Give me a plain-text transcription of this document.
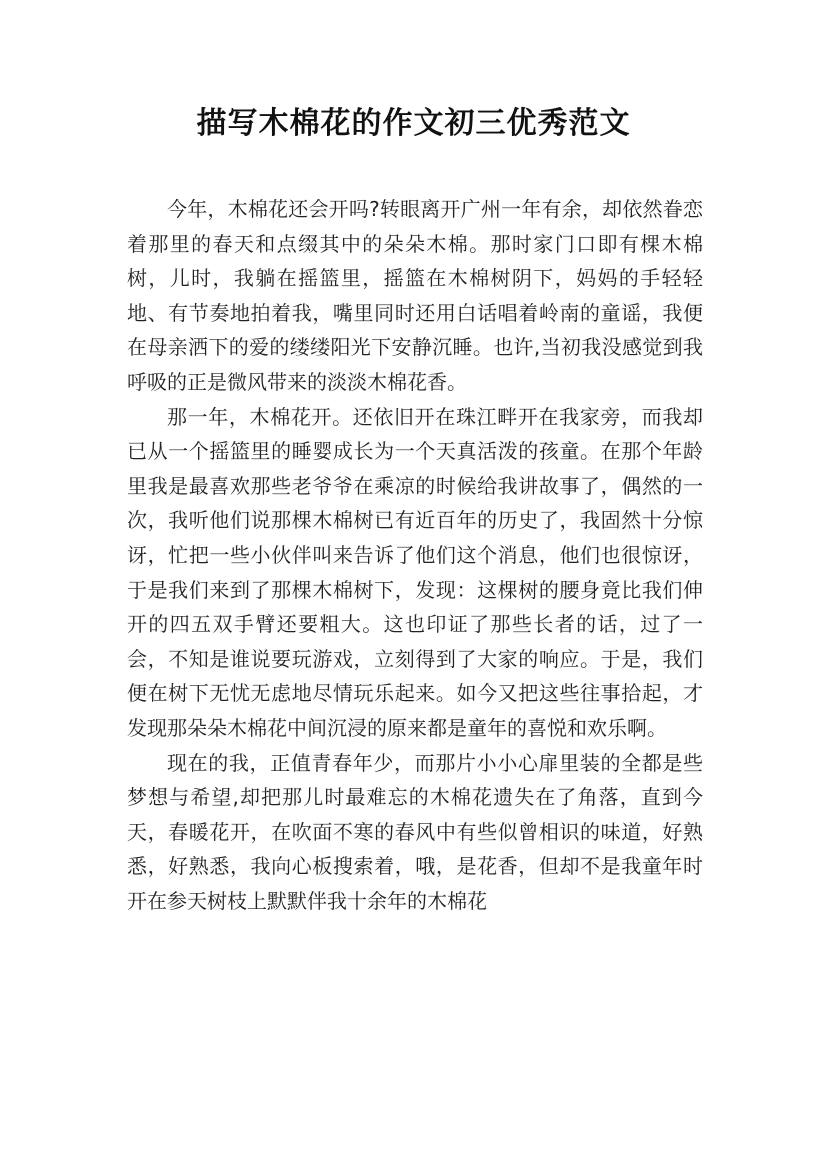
描写木棉花的作文初三优秀范文

今年，木棉花还会开吗?转眼离开广州一年有余，却依然眷恋着那里的春天和点缀其中的朵朵木棉。那时家门口即有棵木棉树，儿时，我躺在摇篮里，摇篮在木棉树阴下，妈妈的手轻轻地、有节奏地拍着我，嘴里同时还用白话唱着岭南的童谣，我便在母亲洒下的爱的缕缕阳光下安静沉睡。也许,当初我没感觉到我呼吸的正是微风带来的淡淡木棉花香。

那一年，木棉花开。还依旧开在珠江畔开在我家旁，而我却已从一个摇篮里的睡婴成长为一个天真活泼的孩童。在那个年龄里我是最喜欢那些老爷爷在乘凉的时候给我讲故事了，偶然的一次，我听他们说那棵木棉树已有近百年的历史了，我固然十分惊讶，忙把一些小伙伴叫来告诉了他们这个消息，他们也很惊讶，于是我们来到了那棵木棉树下，发现：这棵树的腰身竟比我们伸开的四五双手臂还要粗大。这也印证了那些长者的话，过了一会，不知是谁说要玩游戏，立刻得到了大家的响应。于是，我们便在树下无忧无虑地尽情玩乐起来。如今又把这些往事拾起，才发现那朵朵木棉花中间沉浸的原来都是童年的喜悦和欢乐啊。

现在的我，正值青春年少，而那片小小心扉里装的全都是些梦想与希望,却把那儿时最难忘的木棉花遗失在了角落，直到今天，春暖花开，在吹面不寒的春风中有些似曾相识的味道，好熟悉，好熟悉，我向心板搜索着，哦，是花香，但却不是我童年时开在参天树枝上默默伴我十余年的木棉花
